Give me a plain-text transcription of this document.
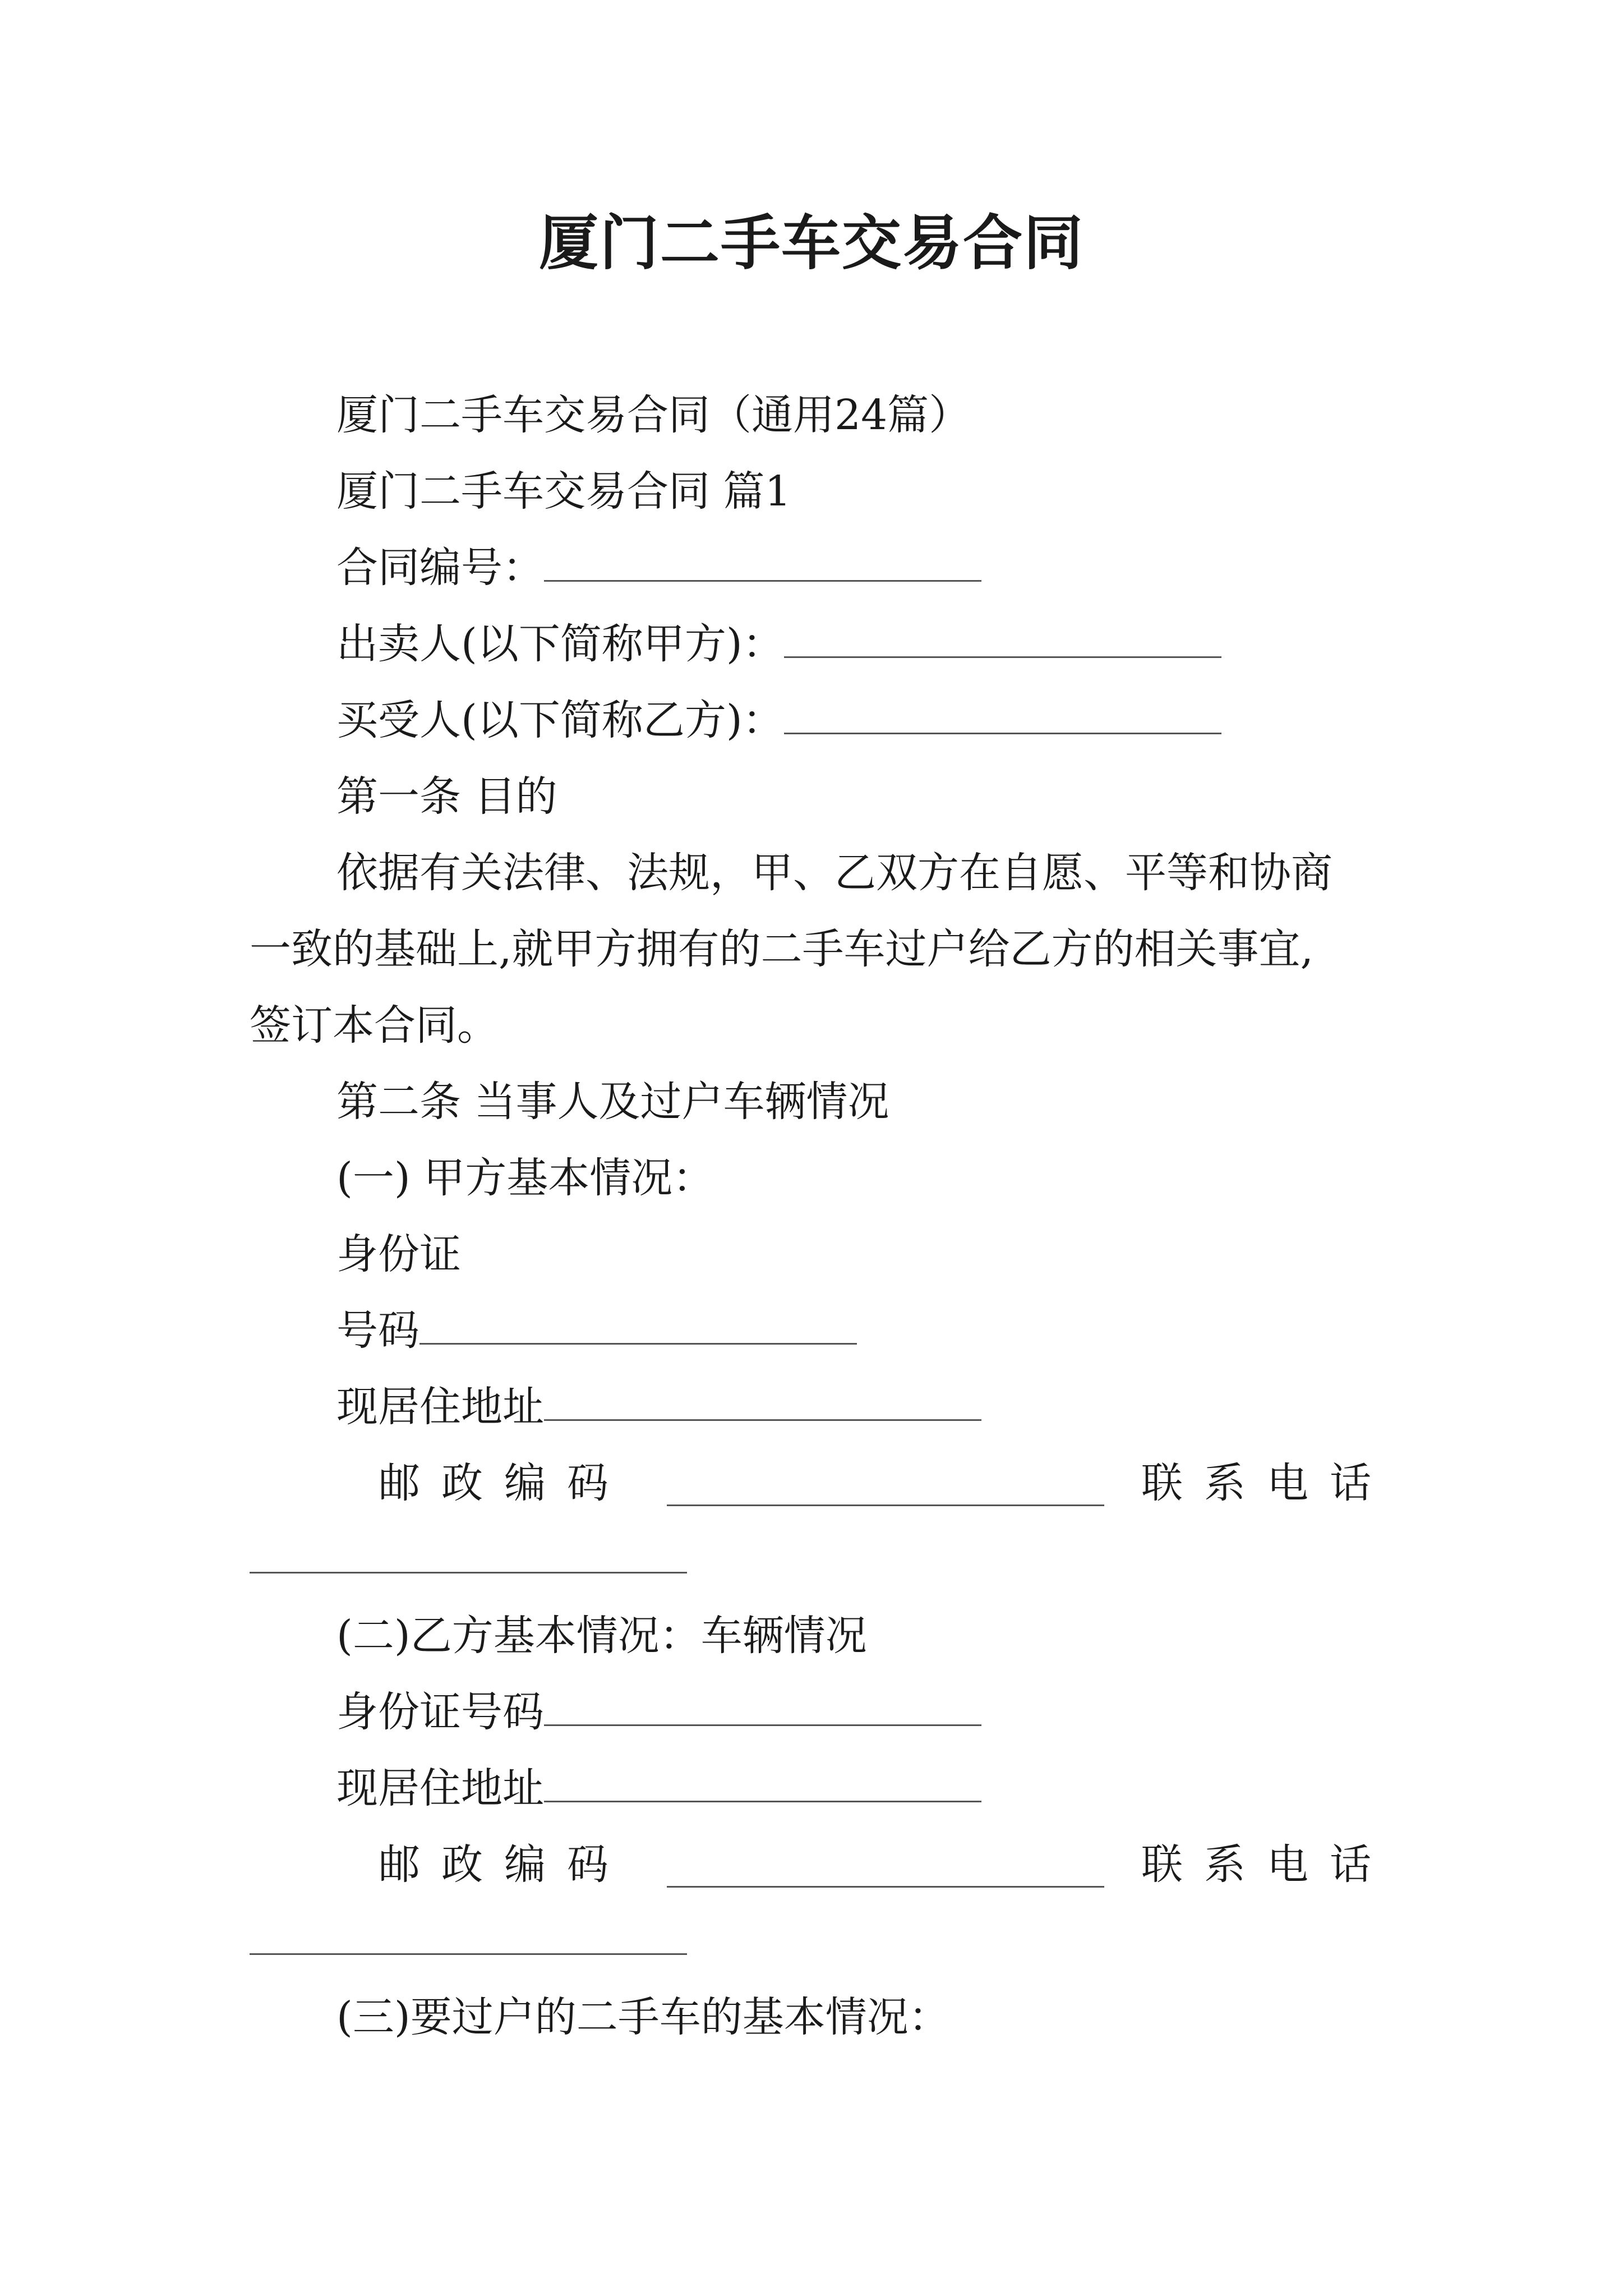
厦门二手车交易合同
厦门二手车交易合同（通用24篇）
厦门二手车交易合同 篇1
合同编号：
出卖人(以下简称甲方)：
买受人(以下简称乙方)：
第一条 目的
依据有关法律、法规，甲、乙双方在自愿、平等和协商
一致的基础上,就甲方拥有的二手车过户给乙方的相关事宜,
签订本合同。
第二条 当事人及过户车辆情况
(一) 甲方基本情况：
身份证
号码
现居住地址
邮政编码	联系电话
(二)乙方基本情况：车辆情况
身份证号码
现居住地址
邮政编码	联系电话
(三)要过户的二手车的基本情况：
